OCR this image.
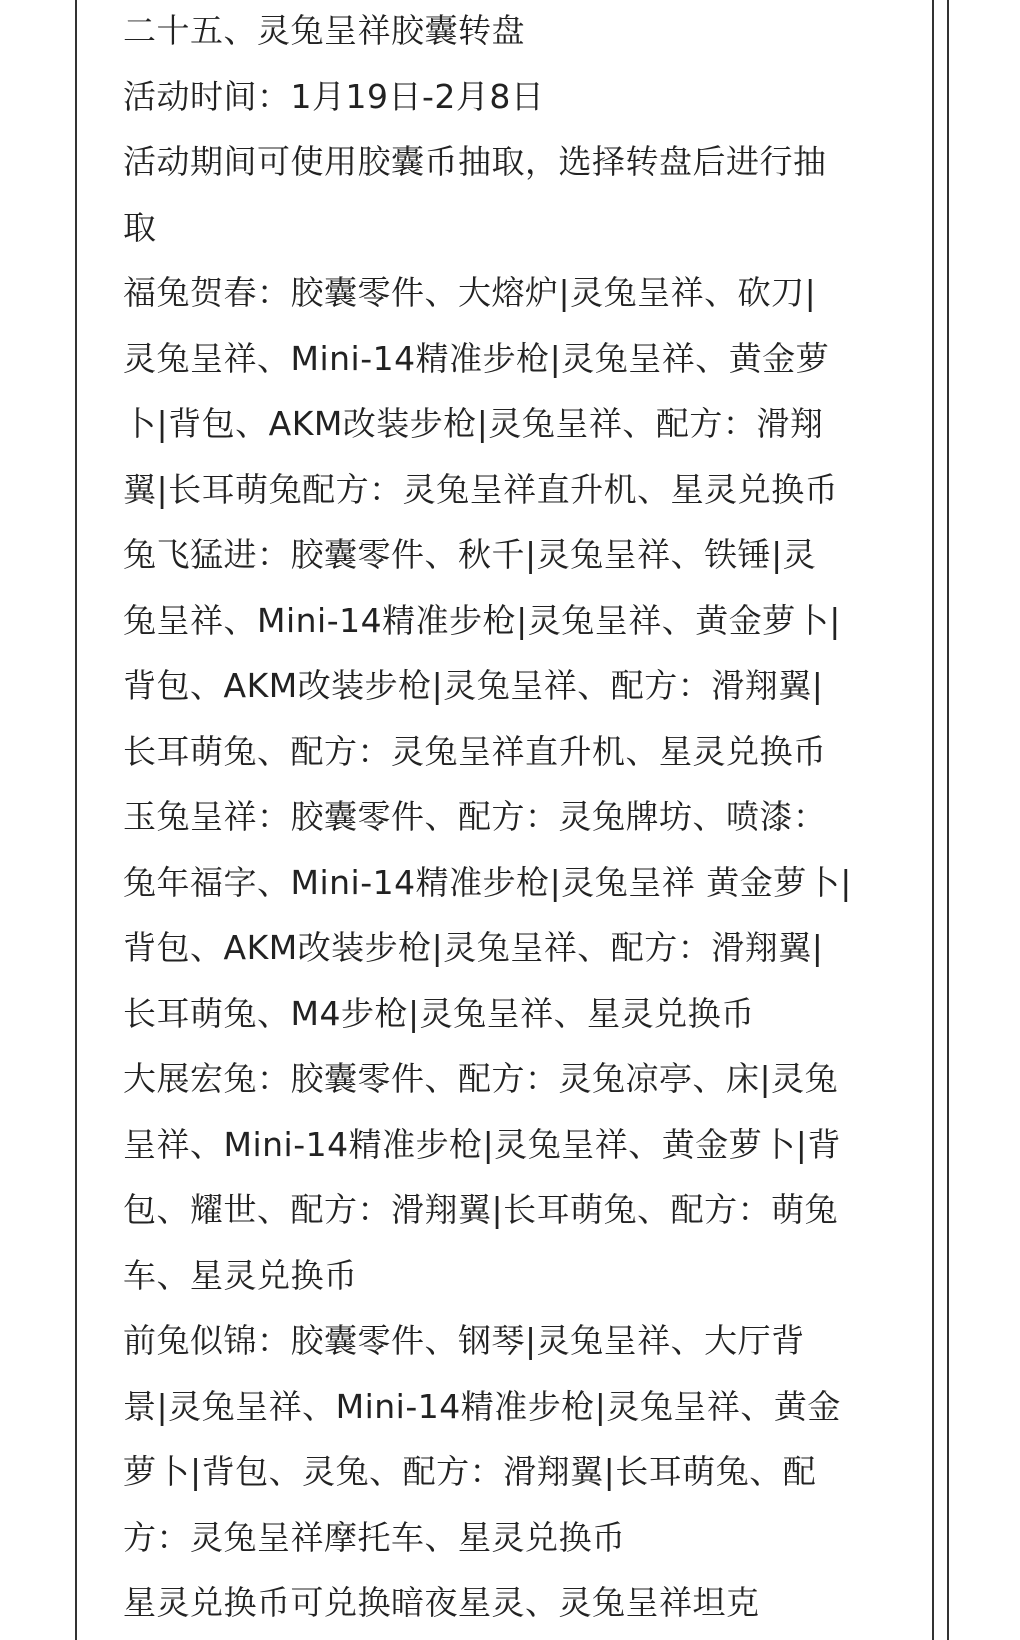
二十五、灵兔呈祥胶囊转盘
活动时间：1月19日-2月8日
活动期间可使用胶囊币抽取，选择转盘后进行抽
取
福兔贺春：胶囊零件、大熔炉|灵兔呈祥、砍刀|
灵兔呈祥、Mini-14精准步枪|灵兔呈祥、黄金萝
卜|背包、AKM改装步枪|灵兔呈祥、配方：滑翔
翼|长耳萌兔配方：灵兔呈祥直升机、星灵兑换币
兔飞猛进：胶囊零件、秋千|灵兔呈祥、铁锤|灵
兔呈祥、Mini-14精准步枪|灵兔呈祥、黄金萝卜|
背包、AKM改装步枪|灵兔呈祥、配方：滑翔翼|
长耳萌兔、配方：灵兔呈祥直升机、星灵兑换币
玉兔呈祥：胶囊零件、配方：灵兔牌坊、喷漆：
兔年福字、Mini-14精准步枪|灵兔呈祥 黄金萝卜|
背包、AKM改装步枪|灵兔呈祥、配方：滑翔翼|
长耳萌兔、M4步枪|灵兔呈祥、星灵兑换币
大展宏兔：胶囊零件、配方：灵兔凉亭、床|灵兔
呈祥、Mini-14精准步枪|灵兔呈祥、黄金萝卜|背
包、耀世、配方：滑翔翼|长耳萌兔、配方：萌兔
车、星灵兑换币
前兔似锦：胶囊零件、钢琴|灵兔呈祥、大厅背
景|灵兔呈祥、Mini-14精准步枪|灵兔呈祥、黄金
萝卜|背包、灵兔、配方：滑翔翼|长耳萌兔、配
方：灵兔呈祥摩托车、星灵兑换币
星灵兑换币可兑换暗夜星灵、灵兔呈祥坦克
